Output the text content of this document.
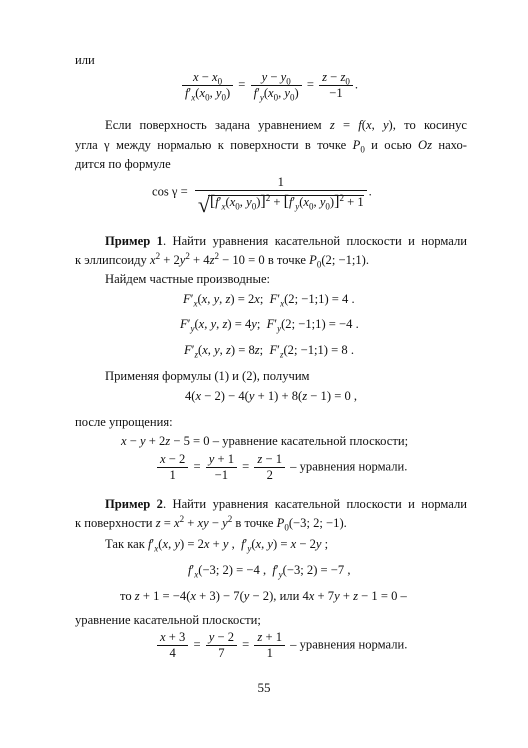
или
$\frac{x - x_0}{f'_x(x_0, y_0)} = \frac{y - y_0}{f'_y(x_0, y_0)} = \frac{z - z_0}{-1}$ .
Если поверхность задана уравнением z = f(x, y), то косинус
угла γ между нормалью к поверхности в точке $P_0$ и осью Oz нахо-
дится по формуле
$\cos \gamma = \frac{1}{√ [f'_x(x_0, y_0)]^2 + [f'_y(x_0, y_0)]^2 + 1}$ .
Пример 1. Найти уравнения касательной плоскости и нормали
к эллипсоиду $x^2 + 2y^2 + 4z^2 - 10 = 0$ в точке $P_0(2$; −1;1).
Найдем частные производные:
$F'_x(x$, y, z) = 2x;  $F'_x(2$; −1;1) = 4 .
$F'_y(x$, y, z) = 4y;  $F'_y(2$; −1;1) = −4 .
$F'_z(x$, y, z) = 8z;  $F'_z(2$; −1;1) = 8 .
Применяя формулы (1) и (2), получим
4(x − 2) − 4(y + 1) + 8(z − 1) = 0 ,
после упрощения:
x − y + 2z − 5 = 0 – уравнение касательной плоскости;
$\frac{x - 2}{1} = \frac{y + 1}{-1} = \frac{z - 1}{2}$ – уравнения нормали.
Пример 2. Найти уравнения касательной плоскости и нормали
к поверхности $z = x^2$ + xy − $y^2$ в точке $P_0(-3$; 2; −1).
Так как $f'_x(x$, y) = 2x + y ,  $f'_y(x$, y) = x − 2y ;
$f'_x(-3$; 2) = −4 ,  $f'_y(-3$; 2) = −7 ,
то z + 1 = −4(x + 3) − 7(y − 2), или 4x + 7y + z − 1 = 0 –
уравнение касательной плоскости;
$\frac{x + 3}{4} = \frac{y - 2}{7} = \frac{z + 1}{1}$ – уравнения нормали.
55
